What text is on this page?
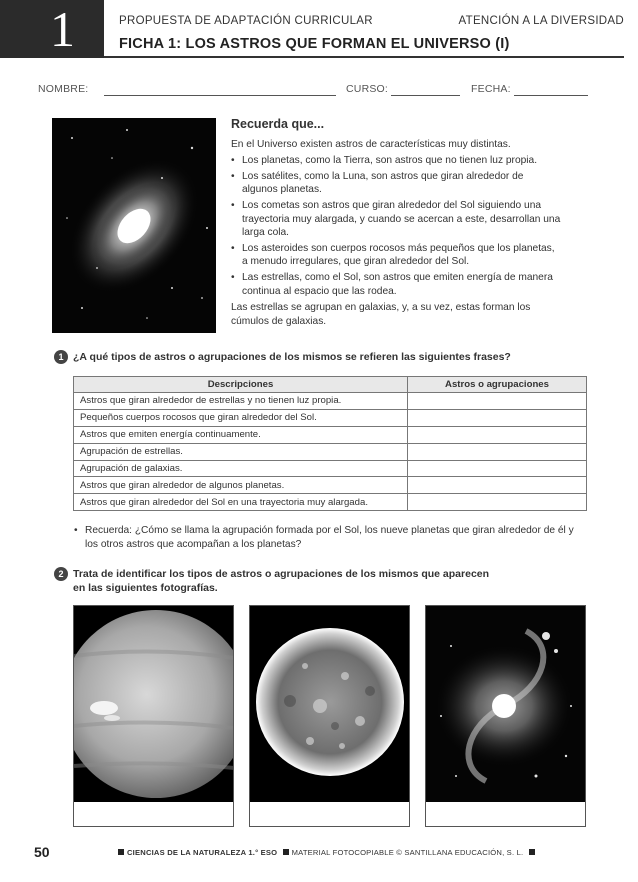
1	PROPUESTA DE ADAPTACIÓN CURRICULAR	ATENCIÓN A LA DIVERSIDAD
FICHA 1: LOS ASTROS QUE FORMAN EL UNIVERSO (I)
NOMBRE:	CURSO:	FECHA:
Recuerda que...

En el Universo existen astros de características muy distintas.

• Los planetas, como la Tierra, son astros que no tienen luz propia.
• Los satélites, como la Luna, son astros que giran alrededor de algunos planetas.
• Los cometas son astros que giran alrededor del Sol siguiendo una trayectoria muy alargada, y cuando se acercan a este, desarrollan una larga cola.
• Los asteroides son cuerpos rocosos más pequeños que los planetas, a menudo irregulares, que giran alrededor del Sol.
• Las estrellas, como el Sol, son astros que emiten energía de manera continua al espacio que las rodea.

Las estrellas se agrupan en galaxias, y, a su vez, estas forman los cúmulos de galaxias.

1 ¿A qué tipos de astros o agrupaciones de los mismos se refieren las siguientes frases?
Descripciones	Astros o agrupaciones
Astros que giran alrededor de estrellas y no tienen luz propia.	
Pequeños cuerpos rocosos que giran alrededor del Sol.	
Astros que emiten energía continuamente.	
Agrupación de estrellas.	
Agrupación de galaxias.	
Astros que giran alrededor de algunos planetas.	
Astros que giran alrededor del Sol en una trayectoria muy alargada.	
• Recuerda: ¿Cómo se llama la agrupación formada por el Sol, los nueve planetas que giran alrededor de él y los otros astros que acompañan a los planetas?
2 Trata de identificar los tipos de astros o agrupaciones de los mismos que aparecen en las siguientes fotografías.
50	CIENCIAS DE LA NATURALEZA 1.° ESO MATERIAL FOTOCOPIABLE © SANTILLANA EDUCACIÓN, S. L.
